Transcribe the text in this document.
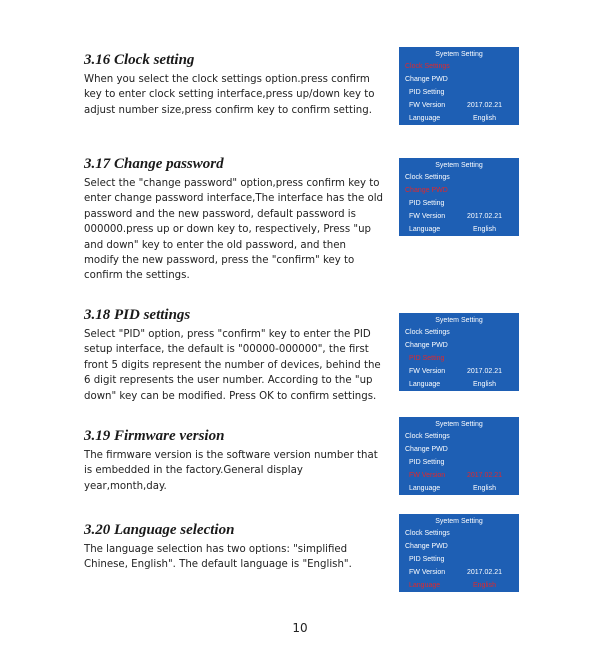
3.16 Clock setting

When you select the clock settings option.press confirm key to enter clock setting interface,press up/down key to adjust number size,press confirm key to confirm setting.

Syetem Setting
Clock Settings
Change PWD
PID Setting
FW Version	2017.02.21
Language	English
3.17 Change password

Select the "change password" option,press confirm key to enter change password interface,The interface has the old password and the new password, default password is 000000.press up or down key to, respectively, Press "up and down" key to enter the old password, and then modify the new password, press the "confirm" key to confirm the settings.

Syetem Setting
Clock Settings
Change PWD
PID Setting
FW Version	2017.02.21
Language	English
3.18 PID settings

Select "PID" option, press "confirm" key to enter the PID setup interface, the default is "00000-000000", the first front 5 digits represent the number of devices, behind the 6 digit represents the user number. According to the "up down" key can be modified. Press OK to confirm settings.

Syetem Setting
Clock Settings
Change PWD
PID Setting
FW Version	2017.02.21
Language	English
3.19 Firmware version

The firmware version is the software version number that is embedded in the factory.General display year,month,day.

Syetem Setting
Clock Settings
Change PWD
PID Setting
FW Version	2017.02.21
Language	English
3.20 Language selection

The language selection has two options: "simplified Chinese, English". The default language is "English".

Syetem Setting
Clock Settings
Change PWD
PID Setting
FW Version	2017.02.21
Language	English
10
